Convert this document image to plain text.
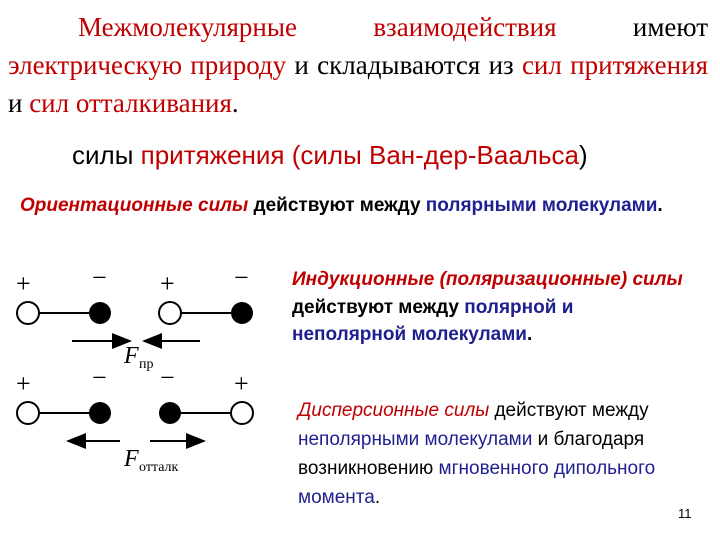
Межмолекулярные взаимодействия	имеют электрическую природу и складываются из сил притяжения и сил отталкивания.
силы притяжения (силы Ван-дер-Ваальса)
Ориентационные силы действуют между полярными молекулами.
Индукционные (поляризационные) силы действуют между полярной и неполярной молекулами.
Дисперсионные силы действуют между неполярными молекулами и благодаря возникновению мгновенного дипольного момента.
+ − + −
+ − − +
F пр
F отталк
11
